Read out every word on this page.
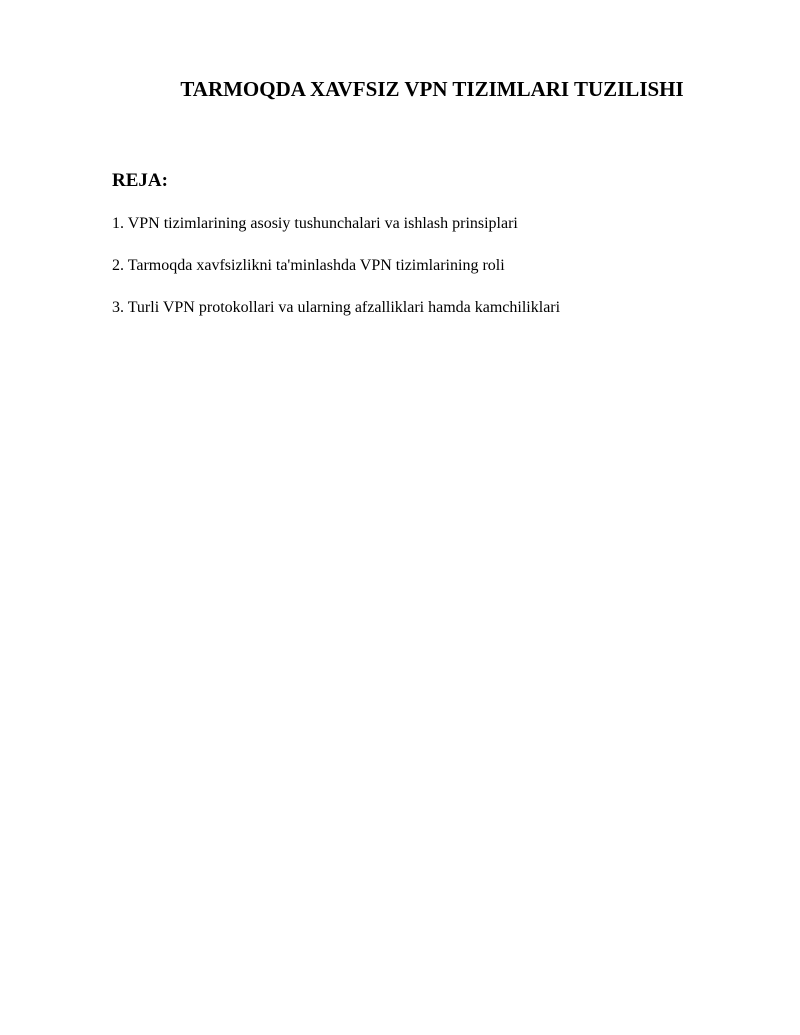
TARMOQDA XAVFSIZ VPN TIZIMLARI TUZILISHI
REJA:
1. VPN tizimlarining asosiy tushunchalari va ishlash prinsiplari
2. Tarmoqda xavfsizlikni ta'minlashda VPN tizimlarining roli
3. Turli VPN protokollari va ularning afzalliklari hamda kamchiliklari
